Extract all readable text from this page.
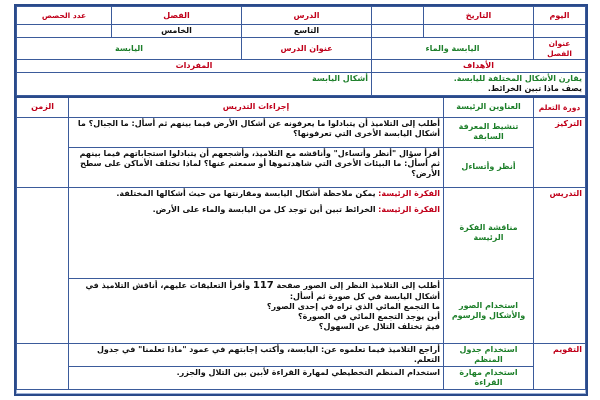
اليوم	التاريخ		الدرس	الفصل	عدد الحصص
			التاسع	الخامس	
عنوان الفصل	اليابسة والماء		عنوان الدرس	اليابسة	
الأهداف			المفردات		

يقارن الأشكال المختلفة لليابسة.
يصف ماذا تبين الخرائط.			أشكال اليابسة		
دورة التعلم	العناوين الرئيسة	إجراءات التدريس	الزمن
التركيز	تنشيط المعرفة السابقة	أطلب إلى التلاميذ أن يتبادلوا ما يعرفونه عن أشكال الأرض فيما بينهم ثم أسأل: ما الجبال؟ ما أشكال اليابسة الأخرى التي تعرفونها؟	
	أنظر وأتساءل	أقرأ سؤال "أنظر وأتساءل" وأناقشه مع التلاميذ، وأشجعهم أن يتبادلوا استجاباتهم فيما بينهم ثم أسأل: ما البيئات الأخرى التي شاهدتموها أو سمعتم عنها؟ لماذا تختلف الأماكن على سطح الأرض؟	
التدريس	مناقشة الفكرة الرئيسة	الفكرة الرئيسة: يمكن ملاحظة أشكال اليابسة ومقارنتها من حيث أشكالها المختلفة.
الفكرة الرئيسة: الخرائط تبين أين توجد كل من اليابسة والماء على الأرض.	

	استخدام الصور والأشكال والرسوم	أطلب إلى التلاميذ النظر إلى الصور صفحة 117 وأقرأ التعليقات عليهم، أناقش التلاميذ في أشكال اليابسة في كل صورة ثم أسأل:
ما التجمع المائي الذي تراه في إحدى الصور؟
أين يوجد التجمع المائي في الصورة؟
فيمَ تختلف التلال عن السهول؟	

التقويم	استخدام جدول المنظم	أراجع التلاميذ فيما تعلموه عن: اليابسة، وأكتب إجابتهم في عمود "ماذا تعلمنا" في جدول التعلم.	
	استخدام مهارة القراءة	استخدام المنظم التخطيطي لمهارة القراءة لأبين بين التلال والجزر.	
